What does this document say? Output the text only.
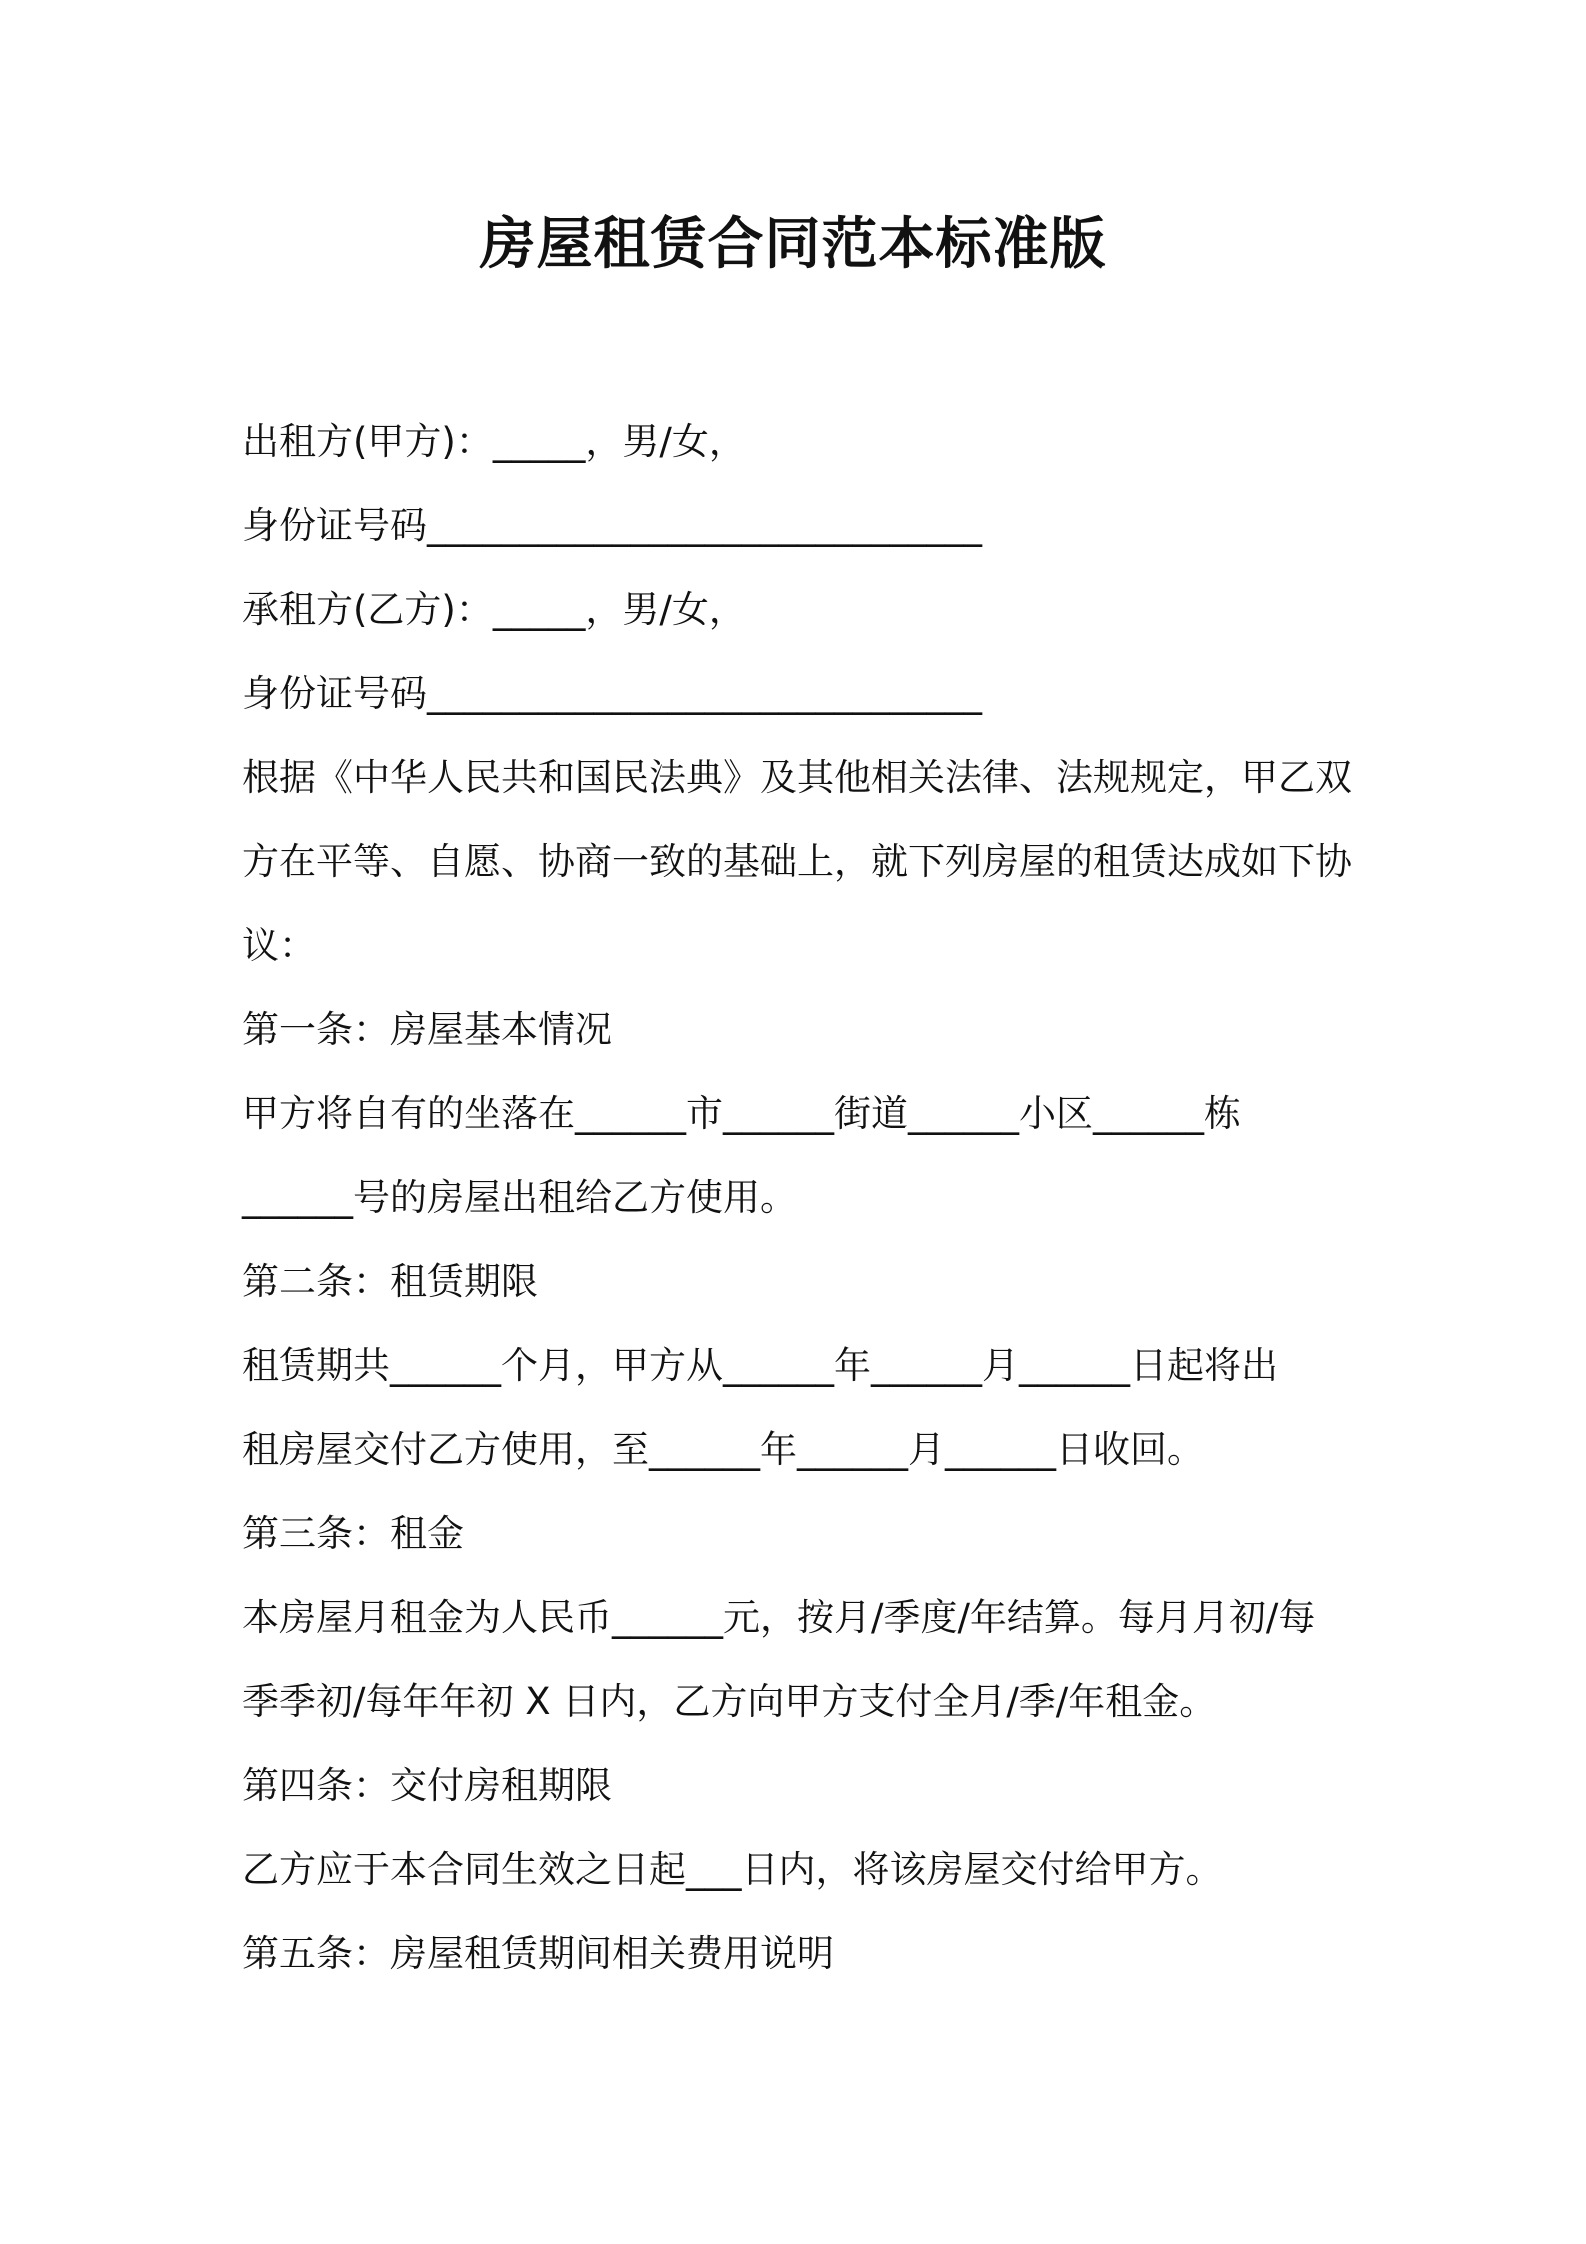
房屋租赁合同范本标准版
出租方(甲方)：_____，男/女，
身份证号码______________________________
承租方(乙方)：_____，男/女，
身份证号码______________________________
根据《中华人民共和国民法典》及其他相关法律、法规规定，甲乙双
方在平等、自愿、协商一致的基础上，就下列房屋的租赁达成如下协
议：
第一条：房屋基本情况
甲方将自有的坐落在______市______街道______小区______栋
______号的房屋出租给乙方使用。
第二条：租赁期限
租赁期共______个月，甲方从______年______月______日起将出
租房屋交付乙方使用，至______年______月______日收回。
第三条：租金
本房屋月租金为人民币______元，按月/季度/年结算。每月月初/每
季季初/每年年初 X 日内，乙方向甲方支付全月/季/年租金。
第四条：交付房租期限
乙方应于本合同生效之日起___日内，将该房屋交付给甲方。
第五条：房屋租赁期间相关费用说明
